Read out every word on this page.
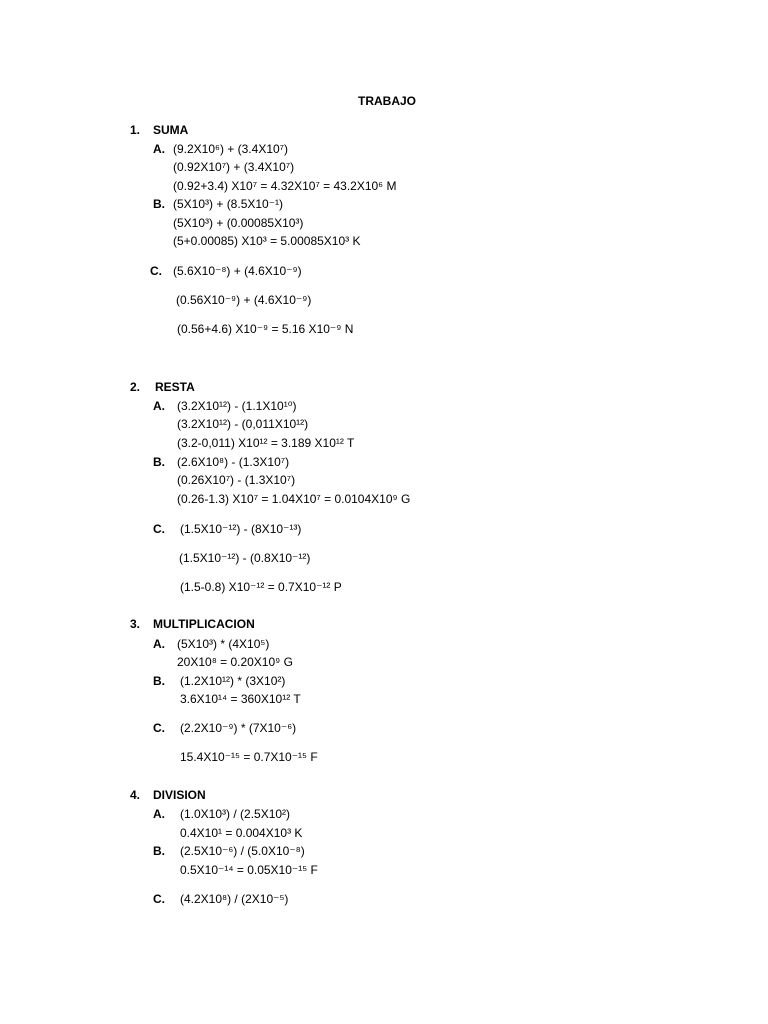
TRABAJO
1. SUMA
A. (9.2X10⁶) + (3.4X10⁷)
(0.92X10⁷) + (3.4X10⁷)
(0.92+3.4) X10⁷ = 4.32X10⁷ = 43.2X10⁶ M
B. (5X10³) + (8.5X10⁻¹)
(5X10³) + (0.00085X10³)
(5+0.00085) X10³ = 5.00085X10³ K
C. (5.6X10⁻⁸) + (4.6X10⁻⁹)
(0.56X10⁻⁹) + (4.6X10⁻⁹)
(0.56+4.6) X10⁻⁹ = 5.16 X10⁻⁹ N
2. RESTA
A. (3.2X10¹²) - (1.1X10¹⁰)
(3.2X10¹²) - (0,011X10¹²)
(3.2-0,011) X10¹² = 3.189 X10¹² T
B. (2.6X10⁸) - (1.3X10⁷)
(0.26X10⁷) - (1.3X10⁷)
(0.26-1.3) X10⁷ = 1.04X10⁷ = 0.0104X10⁹ G
C. (1.5X10⁻¹²) - (8X10⁻¹³)
(1.5X10⁻¹²) - (0.8X10⁻¹²)
(1.5-0.8) X10⁻¹² = 0.7X10⁻¹² P
3. MULTIPLICACION
A. (5X10³) * (4X10⁵)
20X10⁸ = 0.20X10⁹ G
B. (1.2X10¹²) * (3X10²)
3.6X10¹⁴ = 360X10¹² T
C. (2.2X10⁻⁹) * (7X10⁻⁶)
15.4X10⁻¹⁵ = 0.7X10⁻¹⁵ F
4. DIVISION
A. (1.0X10³) / (2.5X10²)
0.4X10¹ = 0.004X10³ K
B. (2.5X10⁻⁶) / (5.0X10⁻⁸)
0.5X10⁻¹⁴ = 0.05X10⁻¹⁵ F
C. (4.2X10⁸) / (2X10⁻⁵)
